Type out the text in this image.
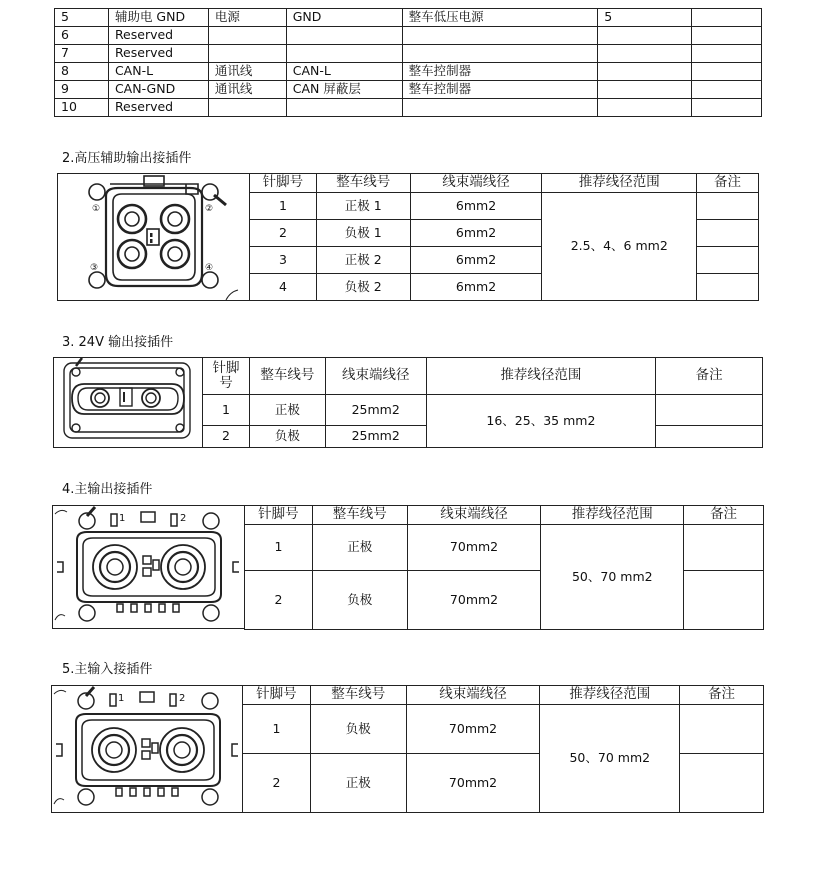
5	辅助电 GND	电源	GND	整车低压电源	5	
6	Reserved					
7	Reserved					
8	CAN-L	通讯线	CAN-L	整车控制器		
9	CAN-GND	通讯线	CAN 屏蔽层	整车控制器		
10	Reserved					
2.高压辅助输出接插件
①	②
③	④
针脚号	整车线号	线束端线径	推荐线径范围	备注
1	正极 1	6mm2	2.5、4、6 mm2	
2	负极 1	6mm2		
3	正极 2	6mm2		
4	负极 2	6mm2		
3. 24V 输出接插件
针脚
号	整车线号	线束端线径	推荐线径范围	备注
1	正极	25mm2	16、25、35 mm2	
2	负极	25mm2		
4.主输出接插件
1	2	针脚号	整车线号	线束端线径	推荐线径范围	备注
1	正极	70mm2	50、70 mm2	
2	负极	70mm2		
5.主输入接插件
1	2	针脚号	整车线号	线束端线径	推荐线径范围	备注
1	负极	70mm2	50、70 mm2	
2	正极	70mm2		
